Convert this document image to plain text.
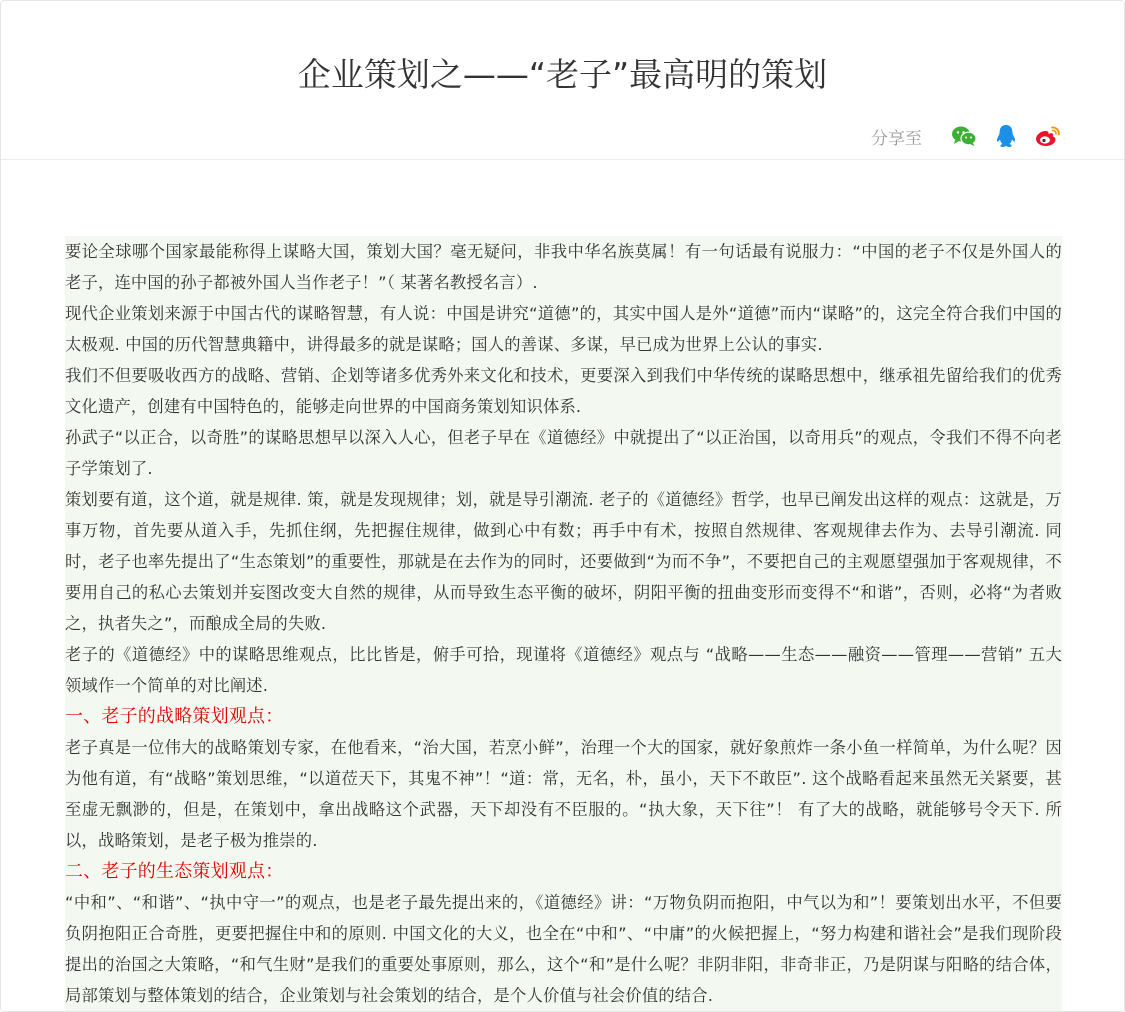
企业策划之——“老子”最高明的策划
分享至

要论全球哪个国家最能称得上谋略大国，策划大国？毫无疑问，非我中华名族莫属！有一句话最有说服力：“中国的老子不仅是外国人的老子，连中国的孙子都被外国人当作老子！”（ 某著名教授名言）.

现代企业策划来源于中国古代的谋略智慧，有人说：中国是讲究“道德”的，其实中国人是外“道德”而内“谋略”的，这完全符合我们中国的太极观. 中国的历代智慧典籍中，讲得最多的就是谋略；国人的善谋、多谋，早已成为世界上公认的事实.

我们不但要吸收西方的战略、营销、企划等诸多优秀外来文化和技术，更要深入到我们中华传统的谋略思想中，继承祖先留给我们的优秀文化遗产，创建有中国特色的，能够走向世界的中国商务策划知识体系.

孙武子“以正合，以奇胜”的谋略思想早以深入人心，但老子早在《道德经》中就提出了“以正治国，以奇用兵”的观点，令我们不得不向老子学策划了.

策划要有道，这个道，就是规律. 策，就是发现规律；划，就是导引潮流. 老子的《道德经》哲学，也早已阐发出这样的观点：这就是，万事万物，首先要从道入手，先抓住纲，先把握住规律，做到心中有数；再手中有术，按照自然规律、客观规律去作为、去导引潮流. 同时，老子也率先提出了“生态策划”的重要性，那就是在去作为的同时，还要做到“为而不争”，不要把自己的主观愿望强加于客观规律，不要用自己的私心去策划并妄图改变大自然的规律，从而导致生态平衡的破坏，阴阳平衡的扭曲变形而变得不“和谐”，否则，必将“为者败之，执者失之”，而酿成全局的失败.

老子的《道德经》中的谋略思维观点，比比皆是，俯手可拾，现谨将《道德经》观点与 “战略——生态——融资——管理——营销” 五大领域作一个简单的对比阐述.

一、老子的战略策划观点：

老子真是一位伟大的战略策划专家，在他看来，“治大国，若烹小鲜”，治理一个大的国家，就好象煎炸一条小鱼一样简单，为什么呢？因为他有道，有“战略”策划思维，“以道莅天下，其鬼不神”！“道：常，无名，朴，虽小，天下不敢臣”. 这个战略看起来虽然无关紧要，甚至虚无飘渺的，但是，在策划中，拿出战略这个武器，天下却没有不臣服的。“执大象，天下往”！ 有了大的战略，就能够号令天下. 所以，战略策划，是老子极为推崇的.

二、老子的生态策划观点：

“中和”、“和谐”、“执中守一”的观点，也是老子最先提出来的，《道德经》讲：“万物负阴而抱阳，中气以为和”！要策划出水平，不但要负阴抱阳正合奇胜，更要把握住中和的原则. 中国文化的大义，也全在“中和”、“中庸”的火候把握上，“努力构建和谐社会”是我们现阶段提出的治国之大策略，“和气生财”是我们的重要处事原则，那么，这个“和”是什么呢？非阴非阳，非奇非正，乃是阴谋与阳略的结合体，局部策划与整体策划的结合，企业策划与社会策划的结合，是个人价值与社会价值的结合.
